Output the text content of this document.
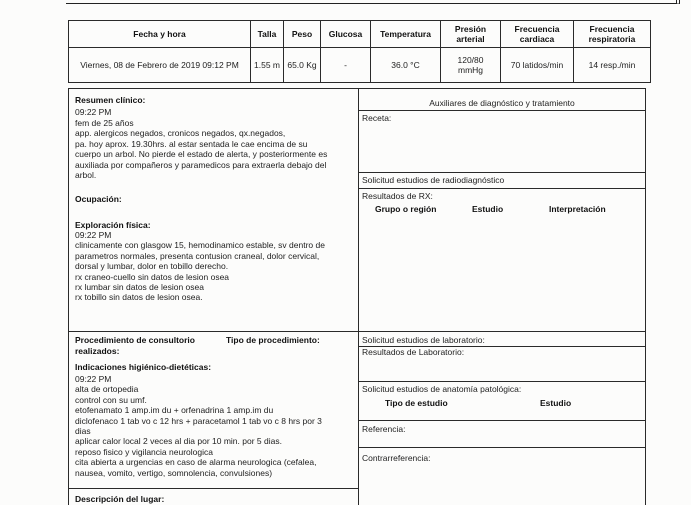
Fecha y hora	Talla	Peso	Glucosa	Temperatura	Presión arterial	Frecuencia cardiaca	Frecuencia respiratoria
Viernes, 08 de Febrero de 2019 09:12 PM	1.55 m	65.0 Kg	-	36.0 °C	120/80 mmHg	70 latidos/min	14 resp./min
Resumen clínico:
09:22 PM
fem de 25 años
app. alergicos negados, cronicos negados, qx.negados,
pa. hoy aprox. 19.30hrs. al estar sentada le cae encima de su
cuerpo un arbol. No pierde el estado de alerta, y posteriormente es
auxiliada por compañeros y paramedicos para extraerla debajo del
arbol.
Ocupación:
Exploración física:
09:22 PM
clinicamente con glasgow 15, hemodinamico estable, sv dentro de
parametros normales, presenta contusion craneal, dolor cervical,
dorsal y lumbar, dolor en tobillo derecho.
rx craneo-cuello sin datos de lesion osea
rx lumbar sin datos de lesion osea
rx tobillo sin datos de lesion osea.
Procedimiento de consultorio realizados:
Tipo de procedimiento:
Indicaciones higiénico-dietéticas:
09:22 PM
alta de ortopedia
control con su umf.
etofenamato 1 amp.im du + orfenadrina 1 amp.im du
diclofenaco 1 tab vo c 12 hrs + paracetamol 1 tab vo c 8 hrs por 3
dias
aplicar calor local 2 veces al dia por 10 min. por 5 dias.
reposo fisico y vigilancia neurologica
cita abierta a urgencias en caso de alarma neurologica (cefalea,
nausea, vomito, vertigo, somnolencia, convulsiones)
Descripción del lugar:
Auxiliares de diagnóstico y tratamiento
Receta:
Solicitud estudios de radiodiagnóstico
Resultados de RX:
Grupo o región	Estudio	Interpretación
Solicitud estudios de laboratorio:
Resultados de Laboratorio:
Solicitud estudios de anatomía patológica:
Tipo de estudio	Estudio
Referencia:
Contrarreferencia:
